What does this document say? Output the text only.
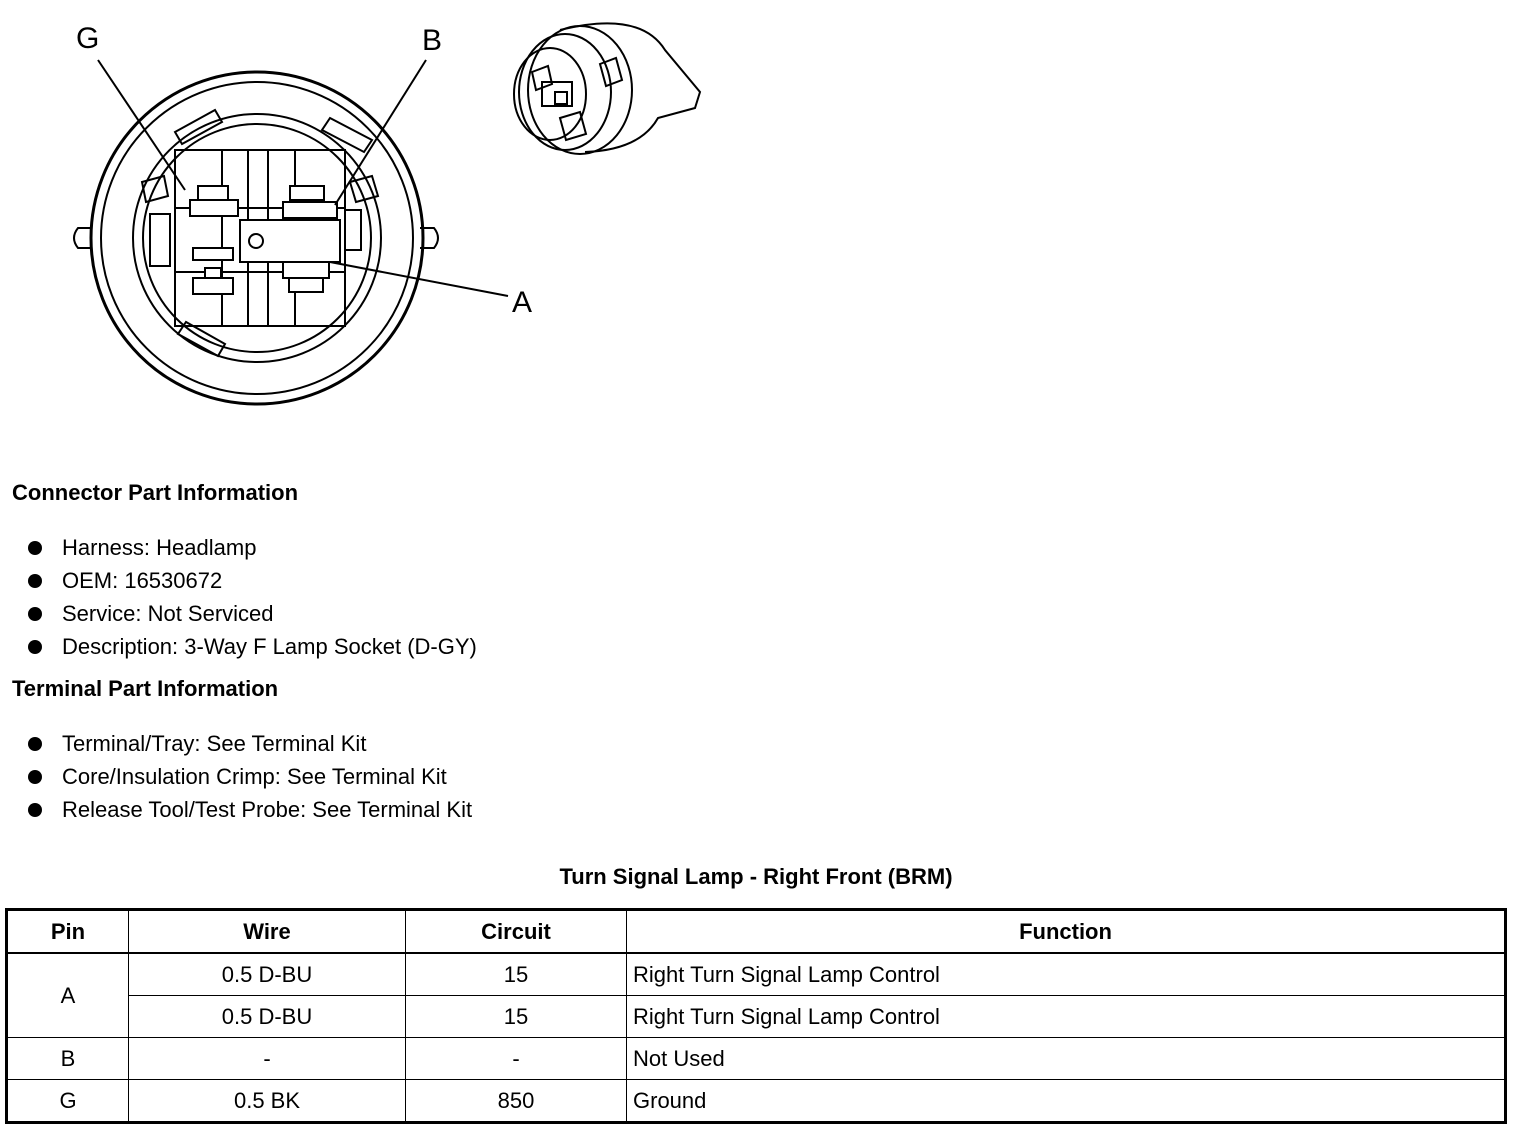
G	B
A
Connector Part Information
Harness: Headlamp
OEM: 16530672
Service: Not Serviced
Description: 3-Way F Lamp Socket (D-GY)
Terminal Part Information
Terminal/Tray: See Terminal Kit
Core/Insulation Crimp: See Terminal Kit
Release Tool/Test Probe: See Terminal Kit
Turn Signal Lamp - Right Front (BRM)
Pin	Wire	Circuit	Function
A	0.5 D-BU	15	Right Turn Signal Lamp Control
	0.5 D-BU	15	Right Turn Signal Lamp Control
B	-	-	Not Used
G	0.5 BK	850	Ground
